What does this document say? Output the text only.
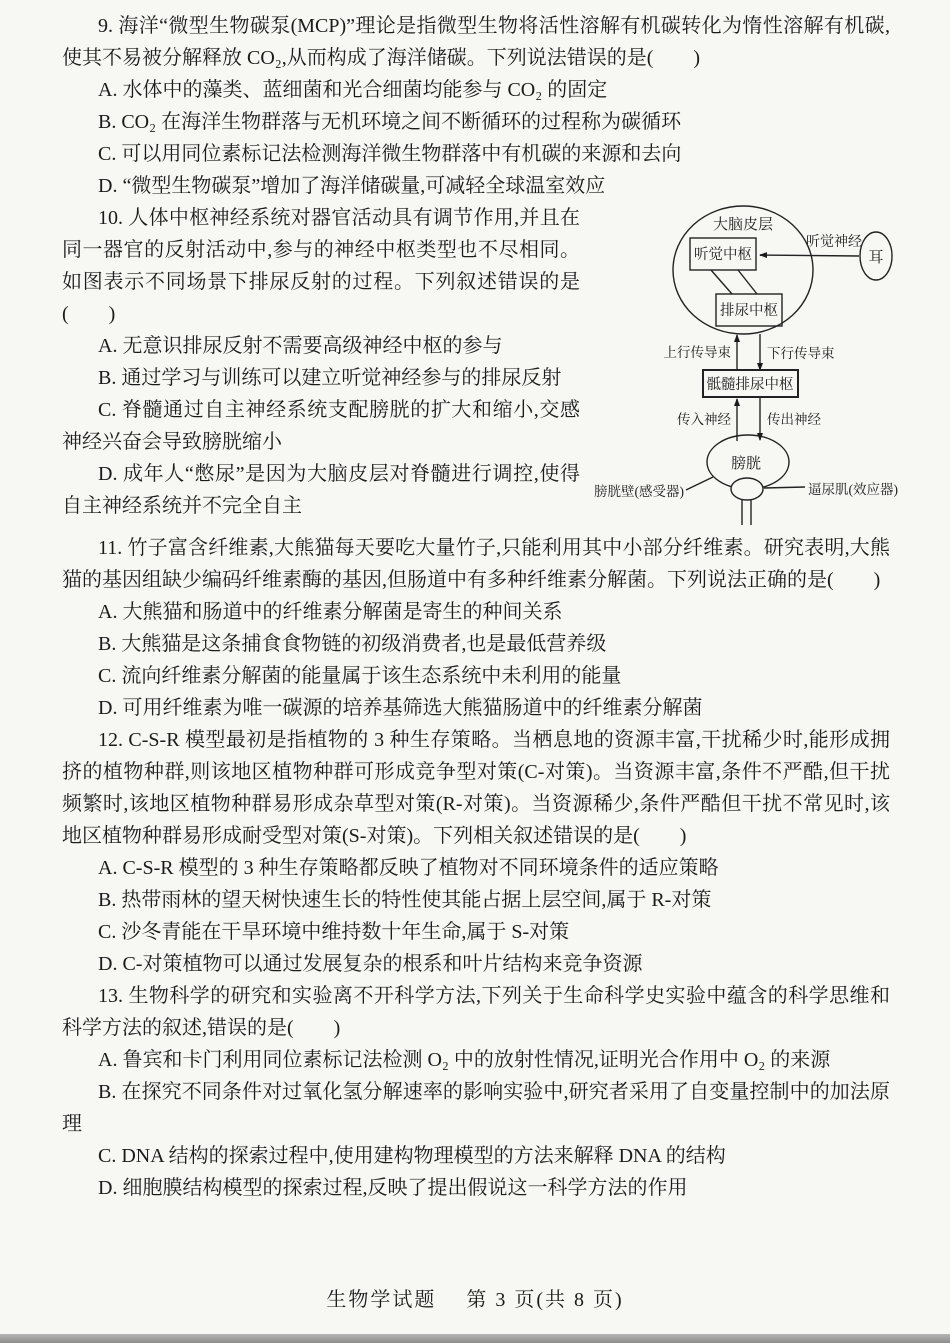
9. 海洋“微型生物碳泵(MCP)”理论是指微型生物将活性溶解有机碳转化为惰性溶解有机碳,使其不易被分解释放 CO₂,从而构成了海洋储碳。下列说法错误的是(　　)

A. 水体中的藻类、蓝细菌和光合细菌均能参与 CO₂ 的固定

B. CO₂ 在海洋生物群落与无机环境之间不断循环的过程称为碳循环

C. 可以用同位素标记法检测海洋微生物群落中有机碳的来源和去向

D. “微型生物碳泵”增加了海洋储碳量,可减轻全球温室效应

大脑皮层
听觉中枢
排尿中枢
听觉神经
耳
上行传导束	下行传导束
骶髓排尿中枢
传入神经	传出神经
膀胱
膀胱壁(感受器)	逼尿肌(效应器)

10. 人体中枢神经系统对器官活动具有调节作用,并且在同一器官的反射活动中,参与的神经中枢类型也不尽相同。如图表示不同场景下排尿反射的过程。下列叙述错误的是(　　)

A. 无意识排尿反射不需要高级神经中枢的参与

B. 通过学习与训练可以建立听觉神经参与的排尿反射

C. 脊髓通过自主神经系统支配膀胱的扩大和缩小,交感神经兴奋会导致膀胱缩小

D. 成年人“憋尿”是因为大脑皮层对脊髓进行调控,使得自主神经系统并不完全自主

11. 竹子富含纤维素,大熊猫每天要吃大量竹子,只能利用其中小部分纤维素。研究表明,大熊猫的基因组缺少编码纤维素酶的基因,但肠道中有多种纤维素分解菌。下列说法正确的是(　　)

A. 大熊猫和肠道中的纤维素分解菌是寄生的种间关系

B. 大熊猫是这条捕食食物链的初级消费者,也是最低营养级

C. 流向纤维素分解菌的能量属于该生态系统中未利用的能量

D. 可用纤维素为唯一碳源的培养基筛选大熊猫肠道中的纤维素分解菌

12. C-S-R 模型最初是指植物的 3 种生存策略。当栖息地的资源丰富,干扰稀少时,能形成拥挤的植物种群,则该地区植物种群可形成竞争型对策(C-对策)。当资源丰富,条件不严酷,但干扰频繁时,该地区植物种群易形成杂草型对策(R-对策)。当资源稀少,条件严酷但干扰不常见时,该地区植物种群易形成耐受型对策(S-对策)。下列相关叙述错误的是(　　)

A. C-S-R 模型的 3 种生存策略都反映了植物对不同环境条件的适应策略

B. 热带雨林的望天树快速生长的特性使其能占据上层空间,属于 R-对策

C. 沙冬青能在干旱环境中维持数十年生命,属于 S-对策

D. C-对策植物可以通过发展复杂的根系和叶片结构来竞争资源

13. 生物科学的研究和实验离不开科学方法,下列关于生命科学史实验中蕴含的科学思维和科学方法的叙述,错误的是(　　)

A. 鲁宾和卡门利用同位素标记法检测 O₂ 中的放射性情况,证明光合作用中 O₂ 的来源

B. 在探究不同条件对过氧化氢分解速率的影响实验中,研究者采用了自变量控制中的加法原理

C. DNA 结构的探索过程中,使用建构物理模型的方法来解释 DNA 的结构

D. 细胞膜结构模型的探索过程,反映了提出假说这一科学方法的作用

生物学试题 第 3 页(共 8 页)
